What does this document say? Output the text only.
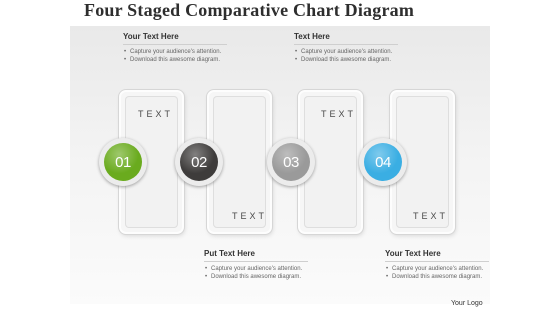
Four Staged Comparative Chart Diagram
TEXT
TEXT
TEXT
TEXT
01	02	03	04
Your Text Here
• Capture your audience's attention.
• Download this awesome diagram.
Text Here
• Capture your audience's attention.
• Download this awesome diagram.
Put Text Here
• Capture your audience's attention.
• Download this awesome diagram.
Your Text Here
• Capture your audience's attention.
• Download this awesome diagram.
Your Logo
